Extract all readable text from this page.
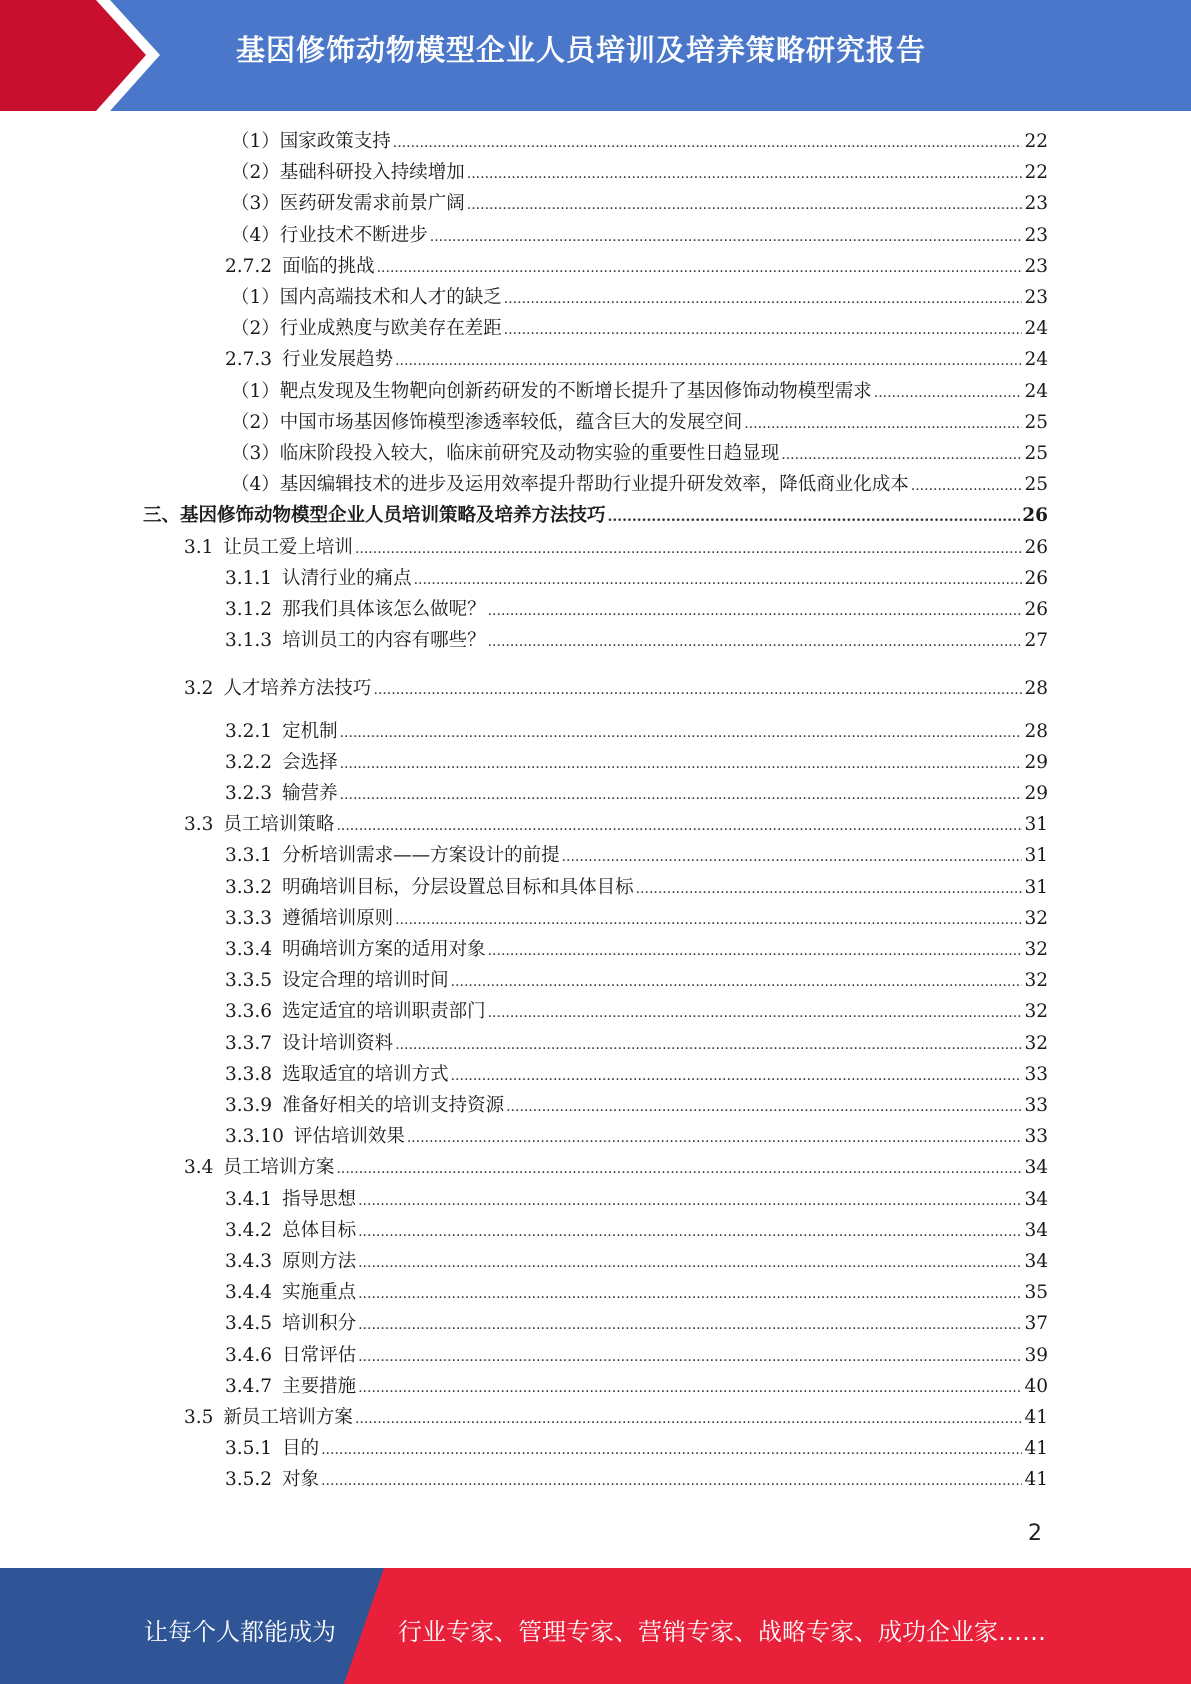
基因修饰动物模型企业人员培训及培养策略研究报告
（1）国家政策支持 .....	22
（2）基础科研投入持续增加 .....	22
（3）医药研发需求前景广阔 .....	23
（4）行业技术不断进步 .....	23
2.7.2 面临的挑战 .....	23
（1）国内高端技术和人才的缺乏 .....	23
（2）行业成熟度与欧美存在差距 .....	24
2.7.3 行业发展趋势 .....	24
（1）靶点发现及生物靶向创新药研发的不断增长提升了基因修饰动物模型需求 .....	24
（2）中国市场基因修饰模型渗透率较低，蕴含巨大的发展空间 .....	25
（3）临床阶段投入较大，临床前研究及动物实验的重要性日趋显现 .....	25
（4）基因编辑技术的进步及运用效率提升帮助行业提升研发效率，降低商业化成本 .....	25
三、基因修饰动物模型企业人员培训策略及培养方法技巧 .....	26
3.1 让员工爱上培训 .....	26
3.1.1 认清行业的痛点 .....	26
3.1.2 那我们具体该怎么做呢？ .....	26
3.1.3 培训员工的内容有哪些？ .....	27
3.2 人才培养方法技巧 .....	28
3.2.1 定机制 .....	28
3.2.2 会选择 .....	29
3.2.3 输营养 .....	29
3.3 员工培训策略 .....	31
3.3.1 分析培训需求——方案设计的前提 .....	31
3.3.2 明确培训目标，分层设置总目标和具体目标 .....	31
3.3.3 遵循培训原则 .....	32
3.3.4 明确培训方案的适用对象 .....	32
3.3.5 设定合理的培训时间 .....	32
3.3.6 选定适宜的培训职责部门 .....	32
3.3.7 设计培训资料 .....	32
3.3.8 选取适宜的培训方式 .....	33
3.3.9 准备好相关的培训支持资源 .....	33
3.3.10 评估培训效果 .....	33
3.4 员工培训方案 .....	34
3.4.1 指导思想 .....	34
3.4.2 总体目标 .....	34
3.4.3 原则方法 .....	34
3.4.4 实施重点 .....	35
3.4.5 培训积分 .....	37
3.4.6 日常评估 .....	39
3.4.7 主要措施 .....	40
3.5 新员工培训方案 .....	41
3.5.1 目的 .....	41
3.5.2 对象 .....	41
2
让每个人都能成为	行业专家、管理专家、营销专家、战略专家、成功企业家……
